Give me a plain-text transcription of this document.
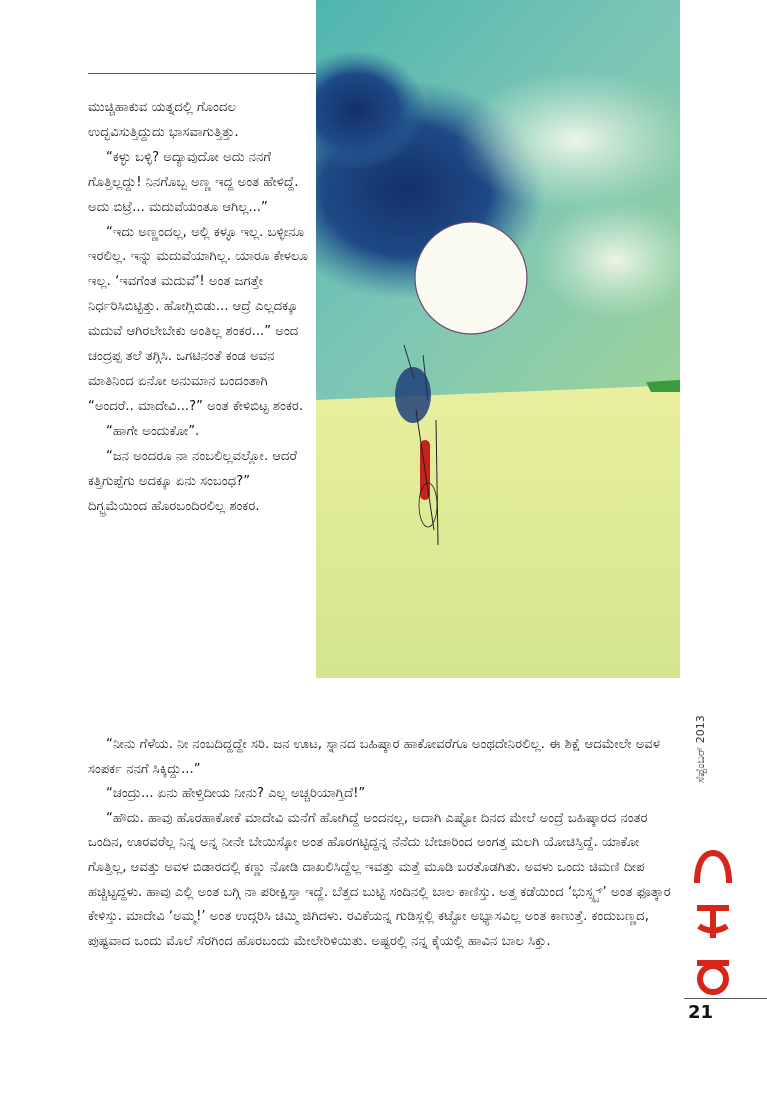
ಮುಚ್ಚಿಹಾಕುವ ಯತ್ನದಲ್ಲಿ ಗೊಂದಲ ಉದ್ಭವಿಸುತ್ತಿದ್ದುದು ಭಾಸವಾಗುತ್ತಿತ್ತು.

“ಕಳ್ಳು ಬಳ್ಳಿ? ಅದ್ಯಾವುದೋ ಅದು ನನಗೆ ಗೊತ್ತಿಲ್ಲದ್ದು! ನಿನಗೊಬ್ಬ ಅಣ್ಣ ಇದ್ದ ಅಂತ ಹೇಳಿದ್ದೆ. ಅದು ಬಿಟ್ರೆ... ಮದುವೆಯಂತೂ ಆಗಿಲ್ಲ...”

“ಇದು ಅಣ್ಣಂದಲ್ಲ, ಅಲ್ಲಿ ಕಳ್ಳೂ ಇಲ್ಲ. ಬಳ್ಳೀನೂ ಇರಲಿಲ್ಲ. ಇನ್ನು ಮದುವೆಯಾಗಿಲ್ಲ. ಯಾರೂ ಕೇಳಲೂ ಇಲ್ಲ. ‘ಇವಗೆಂತ ಮದುವೆ’! ಅಂತ ಜಗತ್ತೇ ನಿರ್ಧರಿಸಿಬಿಟ್ಟಿತ್ತು. ಹೋಗ್ಲಿಬಿಡು... ಆದ್ರೆ ಎಲ್ಲದಕ್ಕೂ ಮದುವೆ ಆಗಿರಲೇಬೇಕು ಅಂತಿಲ್ಲ ಶಂಕರ...” ಅಂದ ಚಂದ್ರಪ್ಪ ತಲೆ ತಗ್ಗಿಸಿ. ಒಗಟಿನಂತೆ ಕಂಡ ಅವನ ಮಾತಿನಿಂದ ಏನೋ ಅನುಮಾನ ಬಂದಂತಾಗಿ “ಅಂದರೆ.. ಮಾದೇವಿ...?” ಅಂತ ಕೇಳಿಬಿಟ್ಟ ಶಂಕರ.

“ಹಾಗೇ ಅಂದುಕೋ”.

“ಜನ ಅಂದರೂ ನಾ ನಂಬಲಿಲ್ಲವಲ್ಲೋ. ಆದರೆ ಕತ್ತಿಗುಪ್ಪೆಗು ಅದಕ್ಕೂ ಏನು ಸಂಬಂಧ?” ದಿಗ್ಭ್ರಮೆಯಿಂದ ಹೊರಬಂದಿರಲಿಲ್ಲ ಶಂಕರ.

“ನೀನು ಗೆಳೆಯ. ನೀ ನಂಬದಿದ್ದದ್ದೇ ಸರಿ. ಜನ ಊಟ, ಸ್ನಾನದ ಬಹಿಷ್ಕಾರ ಹಾಕೋವರೆಗೂ ಅಂಥದೇನಿರಲಿಲ್ಲ. ಈ ಶಿಕ್ಷೆ ಆದಮೇಲೇ ಅವಳ ಸಂಪರ್ಕ ನನಗೆ ಸಿಕ್ಕಿದ್ದು...”

“ಚಂದ್ರು... ಏನು ಹೇಳ್ತಿದೀಯ ನೀನು? ಎಲ್ಲ ಅಚ್ಚರಿಯಾಗ್ತಿದೆ!”

“ಹೌದು. ಹಾವು ಹೊರಹಾಕೋಕೆ ಮಾದೇವಿ ಮನೆಗೆ ಹೋಗಿದ್ದೆ ಅಂದನಲ್ಲ, ಅದಾಗಿ ಎಷ್ಟೋ ದಿನದ ಮೇಲೆ ಅಂದ್ರೆ ಬಹಿಷ್ಕಾರದ ನಂತರ ಒಂದಿನ, ಊರವರೆಲ್ಲ ನಿನ್ನ ಅನ್ನ ನೀನೇ ಬೇಯಿಸ್ಕೋ ಅಂತ ಹೊರಗಟ್ಟಿದ್ದನ್ನ ನೆನೆದು ಬೇಜಾರಿಂದ ಅಂಗತ್ತ ಮಲಗಿ ಯೋಚಿಸ್ತಿದ್ದೆ. ಯಾಕೋ ಗೊತ್ತಿಲ್ಲ, ಆವತ್ತು ಅವಳ ಬಿಡಾರದಲ್ಲಿ ಕಣ್ಣು ನೋಡಿ ದಾಖಲಿಸಿದ್ದೆಲ್ಲ ಇವತ್ತು ಮತ್ತೆ ಮೂಡಿ ಬರತೊಡಗಿತು. ಅವಳು ಒಂದು ಚಿಮಣಿ ದೀಪ ಹಚ್ಚಿಟ್ಟದ್ದಳು. ಹಾವು ಎಲ್ಲಿ ಅಂತ ಬಗ್ಗಿ ನಾ ಪರೀಕ್ಷಿಸ್ತಾ ಇದ್ದೆ. ಬೆತ್ತದ ಬುಟ್ಟಿ ಸಂದಿನಲ್ಲಿ ಬಾಲ ಕಾಣಿಸ್ತು. ಅತ್ತ ಕಡೆಯಿಂದ ‘ಭುಸ್ಸ್ಸ್ಸ್’ ಅಂತ ಫೂತ್ಕಾರ ಕೇಳಿಸ್ತು. ಮಾದೇವಿ ‘ಅಮ್ಮ!’ ಅಂತ ಉದ್ಗರಿಸಿ ಚಿಮ್ಮಿ ಜಿಗಿದಳು. ರವಿಕೆಯನ್ನ ಗುಡಿಸ್ಲಲ್ಲಿ ಕಟ್ಟೋ ಅಭ್ಯಾಸವಿಲ್ಲ ಅಂತ ಕಾಣುತ್ತೆ. ಕಂದುಬಣ್ಣದ, ಪುಷ್ಟವಾದ ಒಂದು ಮೊಲೆ ಸೆರಗಿಂದ ಹೊರಬಂದು ಮೇಲೇರಿಳಿಯಿತು. ಅಷ್ಟರಲ್ಲಿ ನನ್ನ ಕೈಯಲ್ಲಿ ಹಾವಿನ ಬಾಲ ಸಿಕ್ತು.

ಸೆಪ್ಟೆಂಬರ್ 2013
21
